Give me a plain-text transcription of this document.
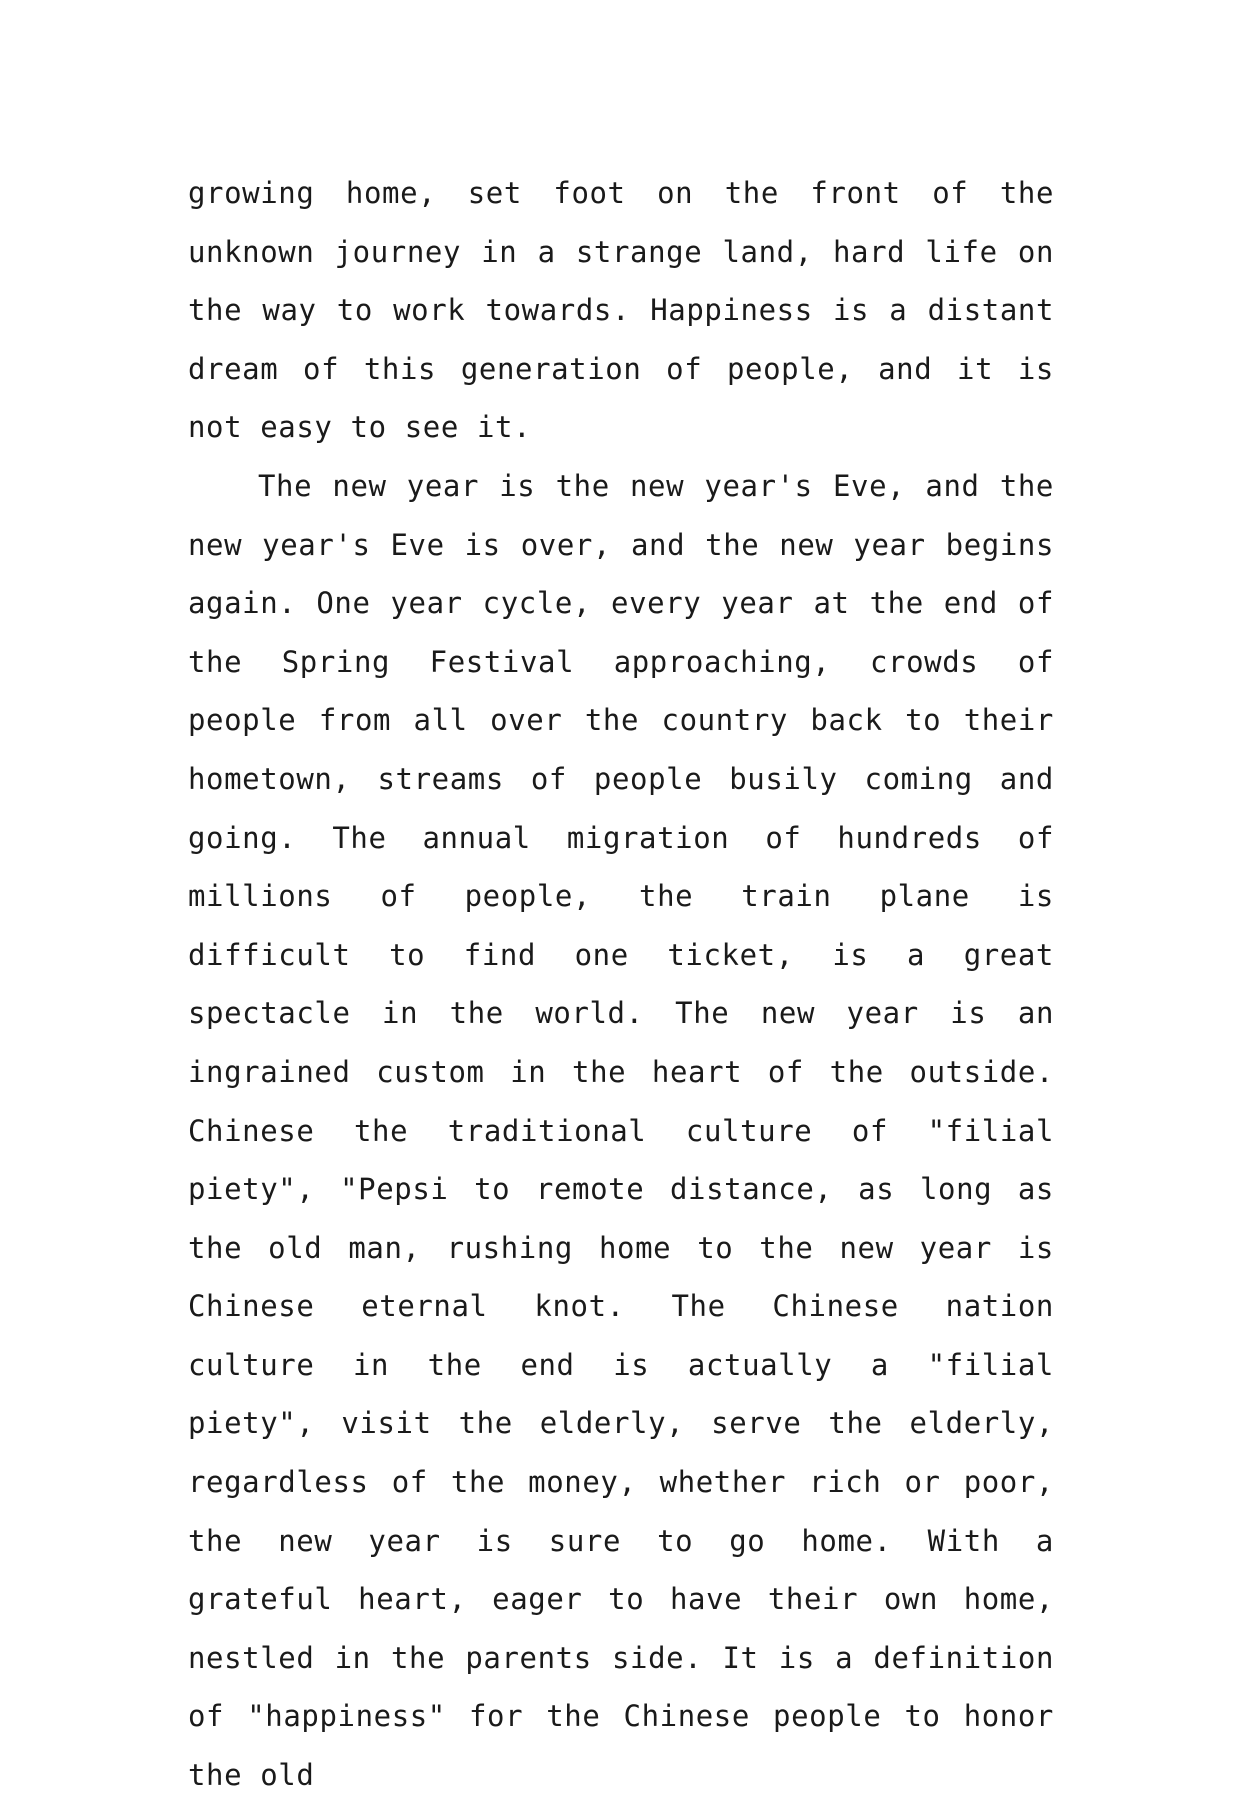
growing home, set foot on the front of the unknown journey in a strange land, hard life on the way to work towards. Happiness is a distant dream of this generation of people, and it is not easy to see it.

The new year is the new year's Eve, and the new year's Eve is over, and the new year begins again. One year cycle, every year at the end of the Spring Festival approaching, crowds of people from all over the country back to their hometown, streams of people busily coming and going. The annual migration of hundreds of millions of people, the train plane is difficult to find one ticket, is a great spectacle in the world. The new year is an ingrained custom in the heart of the outside. Chinese the traditional culture of "filial piety", "Pepsi to remote distance, as long as the old man, rushing home to the new year is Chinese eternal knot. The Chinese nation culture in the end is actually a "filial piety", visit the elderly, serve the elderly, regardless of the money, whether rich or poor, the new year is sure to go home. With a grateful heart, eager to have their own home, nestled in the parents side. It is a definition of "happiness" for the Chinese people to honor the old
